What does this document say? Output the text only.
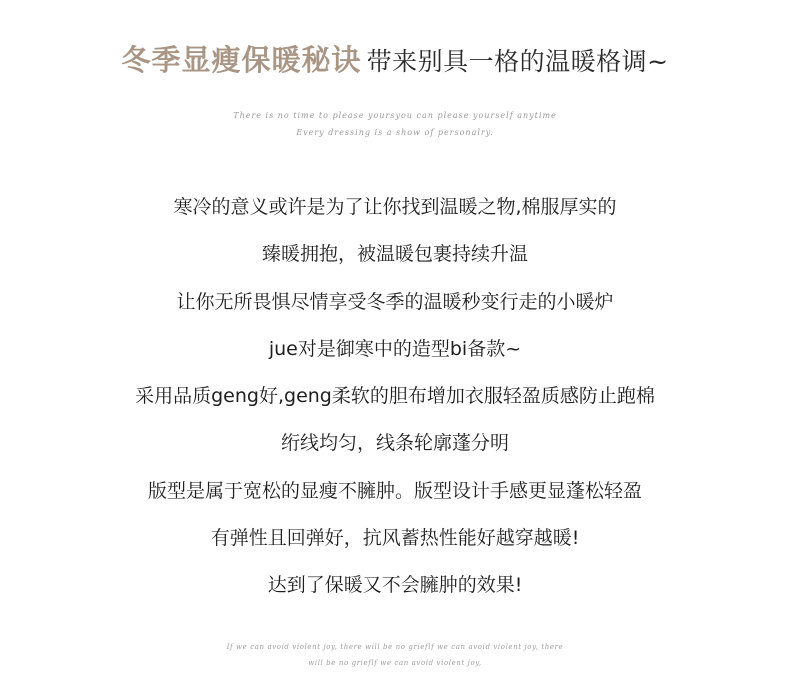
冬季显瘦保暖秘诀 带来别具一格的温暖格调~
There is no time to please yoursyou can please yourself anytime
Every dressing is a show of personalry.
寒冷的意义或许是为了让你找到温暖之物,棉服厚实的
臻暖拥抱，被温暖包裹持续升温
让你无所畏惧尽情享受冬季的温暖秒变行走的小暖炉
jue对是御寒中的造型bi备款~
采用品质geng好,geng柔软的胆布增加衣服轻盈质感防止跑棉
绗线均匀，线条轮廓蓬分明
版型是属于宽松的显瘦不臃肿。版型设计手感更显蓬松轻盈
有弹性且回弹好，抗风蓄热性能好越穿越暖!
达到了保暖又不会臃肿的效果!
If we can avoid violent joy, there will be no grieflf we can avoid violent joy, there
will be no grieflf we can avoid violent joy,
